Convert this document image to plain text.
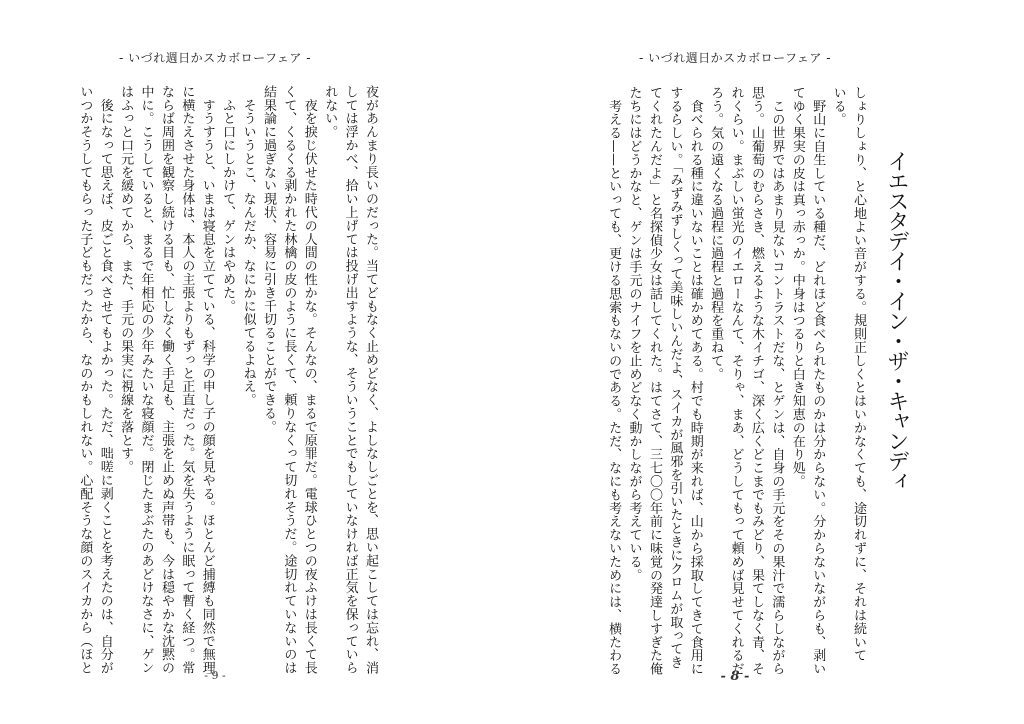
- いづれ週日かスカボローフェア -
夜があんまり長いのだった。当てどもなく止めどなく、よしなしごとを、思い起こしては忘れ、消
しては浮かべ、拾い上げては投げ出すような、そういうことでもしていなければ正気を保っていら
れない。
　夜を捩じ伏せた時代の人間の性かな。そんなの、まるで原罪だ。電球ひとつの夜ふけは長くて長
くて、くるくる剥かれた林檎の皮のように長くて、頼りなくって切れそうだ。途切れていないのは
結果論に過ぎない現状、容易に引き千切ることができる。
　そういうとこ、なんだか、なにかに似てるよねえ。
　ふと口にしかけて、ゲンはやめた。
　すうすうと、いまは寝息を立てている、科学の申し子の顔を見やる。ほとんど捕縛も同然で無理
に横たえさせた身体は、本人の主張よりもずっと正直だった。気を失うように眠って暫く経つ。常
ならば周囲を観察し続ける目も、忙しなく働く手足も、主張を止めぬ声帯も、今は穏やかな沈黙の
中に。こうしていると、まるで年相応の少年みたいな寝顔だ。閉じたまぶたのあどけなさに、ゲン
はふっと口元を緩めてから、また、手元の果実に視線を落とす。
　後になって思えば、皮ごと食べさせてもよかった。ただ、咄嗟に剥くことを考えたのは、自分が
いつかそうしてもらった子どもだったから、なのかもしれない。心配そうな顔のスイカから（ほと
- 9 -
- いづれ週日かスカボローフェア -
イエスタデイ・イン・ザ・キャンディ
しょりしょり、と心地よい音がする。規則正しくとはいかなくても、途切れずに、それは続いて
いる。
　野山に自生している種だ、どれほど食べられたものかは分からない。分からないながらも、剥い
てゆく果実の皮は真っ赤っか。中身はつるりと白き知恵の在り処。
　この世界ではあまり見ないコントラストだな、とゲンは、自身の手元をその果汁で濡らしながら
思う。山葡萄のむらさき、燃えるような木イチゴ、深く広くどこまでもみどり、果てしなく青、そ
れくらい。まぶしい蛍光のイエローなんて、そりゃ、まあ、どうしてもって頼めば見せてくれるだ
ろう。気の遠くなる過程に過程と過程を重ねて。
　食べられる種に違いないことは確かめてある。村でも時期が来れば、山から採取してきて食用に
するらしい。「みずみずしくって美味しいんだよ、スイカが風邪を引いたときにクロムが取ってき
てくれたんだよ」と名探偵少女は話してくれた。はてさて、三七〇〇年前に味覚の発達しすぎた俺
たちにはどうかなと、ゲンは手元のナイフを止めどなく動かしながら考えている。
　考える——といっても、更ける思索もないのである。ただ、なにも考えないためには、横たわる
- 8 -
